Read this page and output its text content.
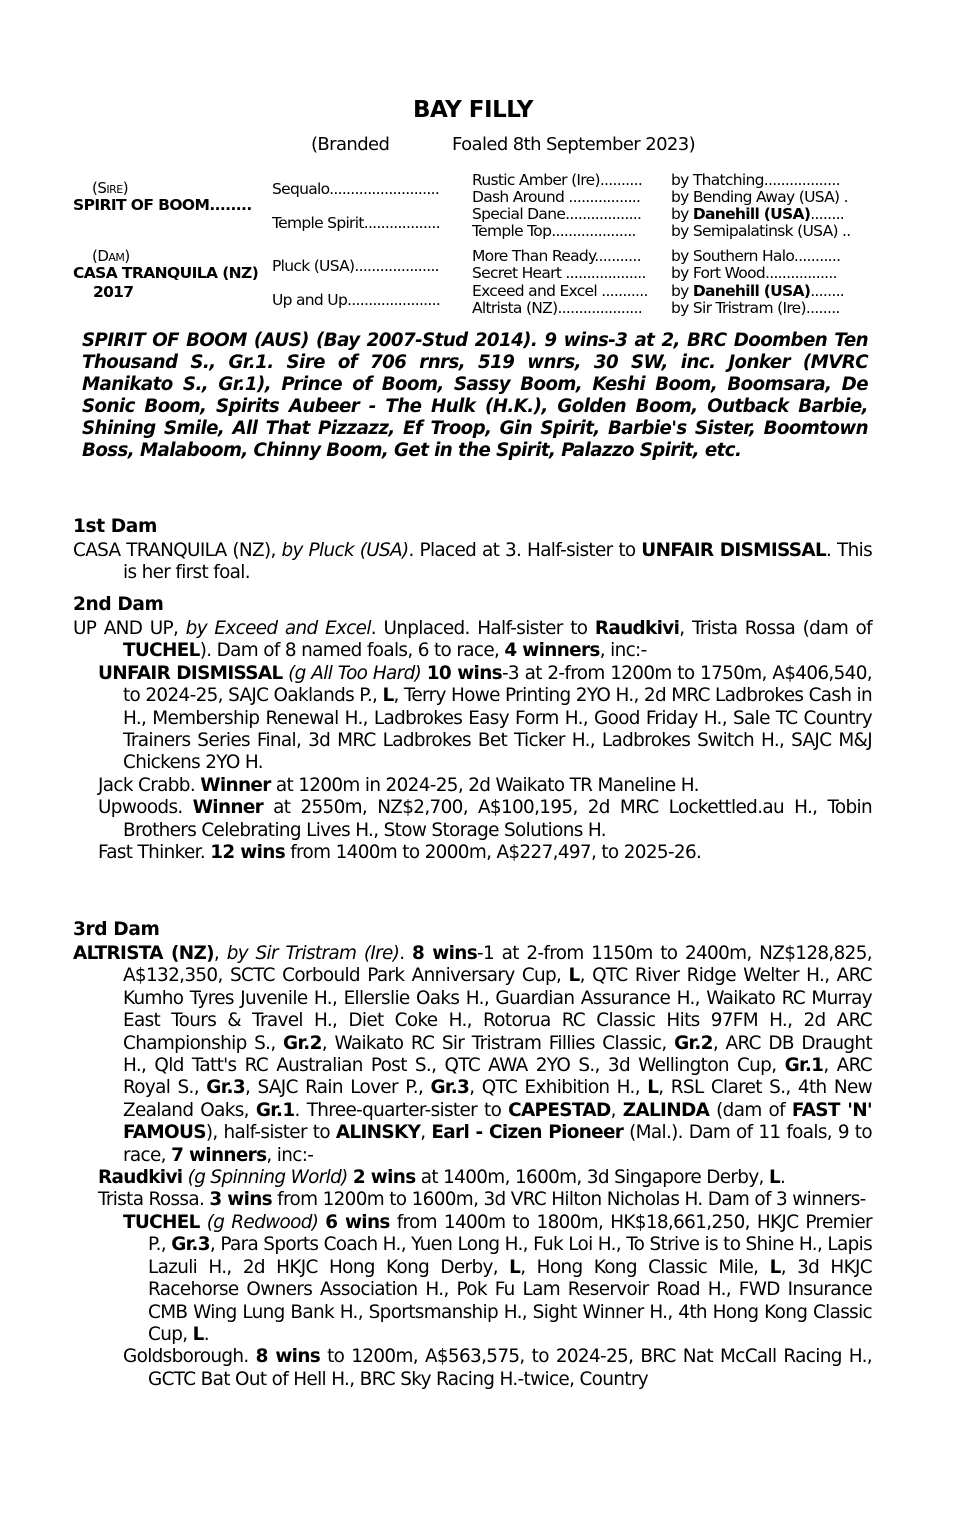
BAY FILLY
(Branded	Foaled 8th September 2023)
(Sire)
SPIRIT OF BOOM........
(Dam)
CASA TRANQUILA (NZ)
2017
Sequalo..........................
Temple Spirit..................
Pluck (USA)....................
Up and Up......................
Rustic Amber (Ire)..........
Dash Around .................
Special Dane..................
Temple Top....................
More Than Ready...........
Secret Heart ...................
Exceed and Excel ...........
Altrista (NZ)....................
by Thatching..................
by Bending Away (USA) .
by Danehill (USA)........
by Semipalatinsk (USA) ..
by Southern Halo...........
by Fort Wood.................
by Danehill (USA)........
by Sir Tristram (Ire)........
SPIRIT OF BOOM (AUS) (Bay 2007-Stud 2014). 9 wins-3 at 2, BRC Doomben Ten Thousand S., Gr.1. Sire of 706 rnrs, 519 wnrs, 30 SW, inc. Jonker (MVRC Manikato S., Gr.1), Prince of Boom, Sassy Boom, Keshi Boom, Boomsara, De Sonic Boom, Spirits Aubeer - The Hulk (H.K.), Golden Boom, Outback Barbie, Shining Smile, All That Pizzazz, Ef Troop, Gin Spirit, Barbie's Sister, Boomtown Boss, Malaboom, Chinny Boom, Get in the Spirit, Palazzo Spirit, etc.
1st Dam

CASA TRANQUILA (NZ), by Pluck (USA). Placed at 3. Half-sister to UNFAIR DISMISSAL. This is her first foal.

2nd Dam

UP AND UP, by Exceed and Excel. Unplaced. Half-sister to Raudkivi, Trista Rossa (dam of TUCHEL). Dam of 8 named foals, 6 to race, 4 winners, inc:-

UNFAIR DISMISSAL (g All Too Hard) 10 wins-3 at 2-from 1200m to 1750m, A$406,540, to 2024-25, SAJC Oaklands P., L, Terry Howe Printing 2YO H., 2d MRC Ladbrokes Cash in H., Membership Renewal H., Ladbrokes Easy Form H., Good Friday H., Sale TC Country Trainers Series Final, 3d MRC Ladbrokes Bet Ticker H., Ladbrokes Switch H., SAJC M&J Chickens 2YO H.

Jack Crabb. Winner at 1200m in 2024-25, 2d Waikato TR Maneline H.

Upwoods. Winner at 2550m, NZ$2,700, A$100,195, 2d MRC Lockettled.au H., Tobin Brothers Celebrating Lives H., Stow Storage Solutions H.

Fast Thinker. 12 wins from 1400m to 2000m, A$227,497, to 2025-26.

3rd Dam

ALTRISTA (NZ), by Sir Tristram (Ire). 8 wins-1 at 2-from 1150m to 2400m, NZ$128,825, A$132,350, SCTC Corbould Park Anniversary Cup, L, QTC River Ridge Welter H., ARC Kumho Tyres Juvenile H., Ellerslie Oaks H., Guardian Assurance H., Waikato RC Murray East Tours & Travel H., Diet Coke H., Rotorua RC Classic Hits 97FM H., 2d ARC Championship S., Gr.2, Waikato RC Sir Tristram Fillies Classic, Gr.2, ARC DB Draught H., Qld Tatt's RC Australian Post S., QTC AWA 2YO S., 3d Wellington Cup, Gr.1, ARC Royal S., Gr.3, SAJC Rain Lover P., Gr.3, QTC Exhibition H., L, RSL Claret S., 4th New Zealand Oaks, Gr.1. Three-quarter-sister to CAPESTAD, ZALINDA (dam of FAST 'N' FAMOUS), half-sister to ALINSKY, Earl - Cizen Pioneer (Mal.). Dam of 11 foals, 9 to race, 7 winners, inc:-

Raudkivi (g Spinning World) 2 wins at 1400m, 1600m, 3d Singapore Derby, L.

Trista Rossa. 3 wins from 1200m to 1600m, 3d VRC Hilton Nicholas H. Dam of 3 winners-

TUCHEL (g Redwood) 6 wins from 1400m to 1800m, HK$18,661,250, HKJC Premier P., Gr.3, Para Sports Coach H., Yuen Long H., Fuk Loi H., To Strive is to Shine H., Lapis Lazuli H., 2d HKJC Hong Kong Derby, L, Hong Kong Classic Mile, L, 3d HKJC Racehorse Owners Association H., Pok Fu Lam Reservoir Road H., FWD Insurance CMB Wing Lung Bank H., Sportsmanship H., Sight Winner H., 4th Hong Kong Classic Cup, L.

Goldsborough. 8 wins to 1200m, A$563,575, to 2024-25, BRC Nat McCall Racing H., GCTC Bat Out of Hell H., BRC Sky Racing H.-twice, Country
